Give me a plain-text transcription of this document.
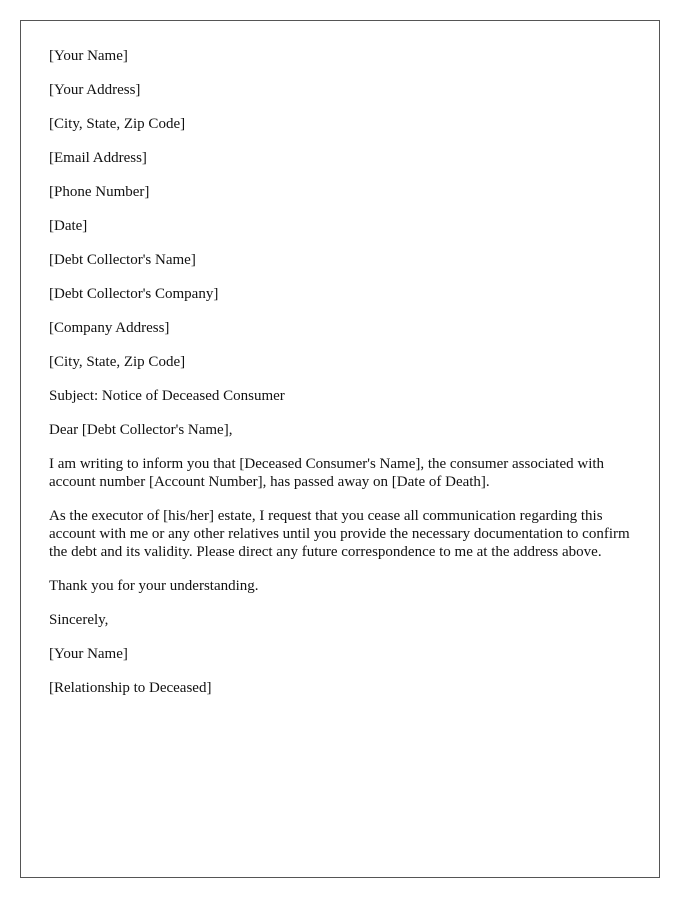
[Your Name]

[Your Address]

[City, State, Zip Code]

[Email Address]

[Phone Number]

[Date]

[Debt Collector's Name]

[Debt Collector's Company]

[Company Address]

[City, State, Zip Code]

Subject: Notice of Deceased Consumer

Dear [Debt Collector's Name],

I am writing to inform you that [Deceased Consumer's Name], the consumer associated with account number [Account Number], has passed away on [Date of Death].

As the executor of [his/her] estate, I request that you cease all communication regarding this account with me or any other relatives until you provide the necessary documentation to confirm the debt and its validity. Please direct any future correspondence to me at the address above.

Thank you for your understanding.

Sincerely,

[Your Name]

[Relationship to Deceased]
